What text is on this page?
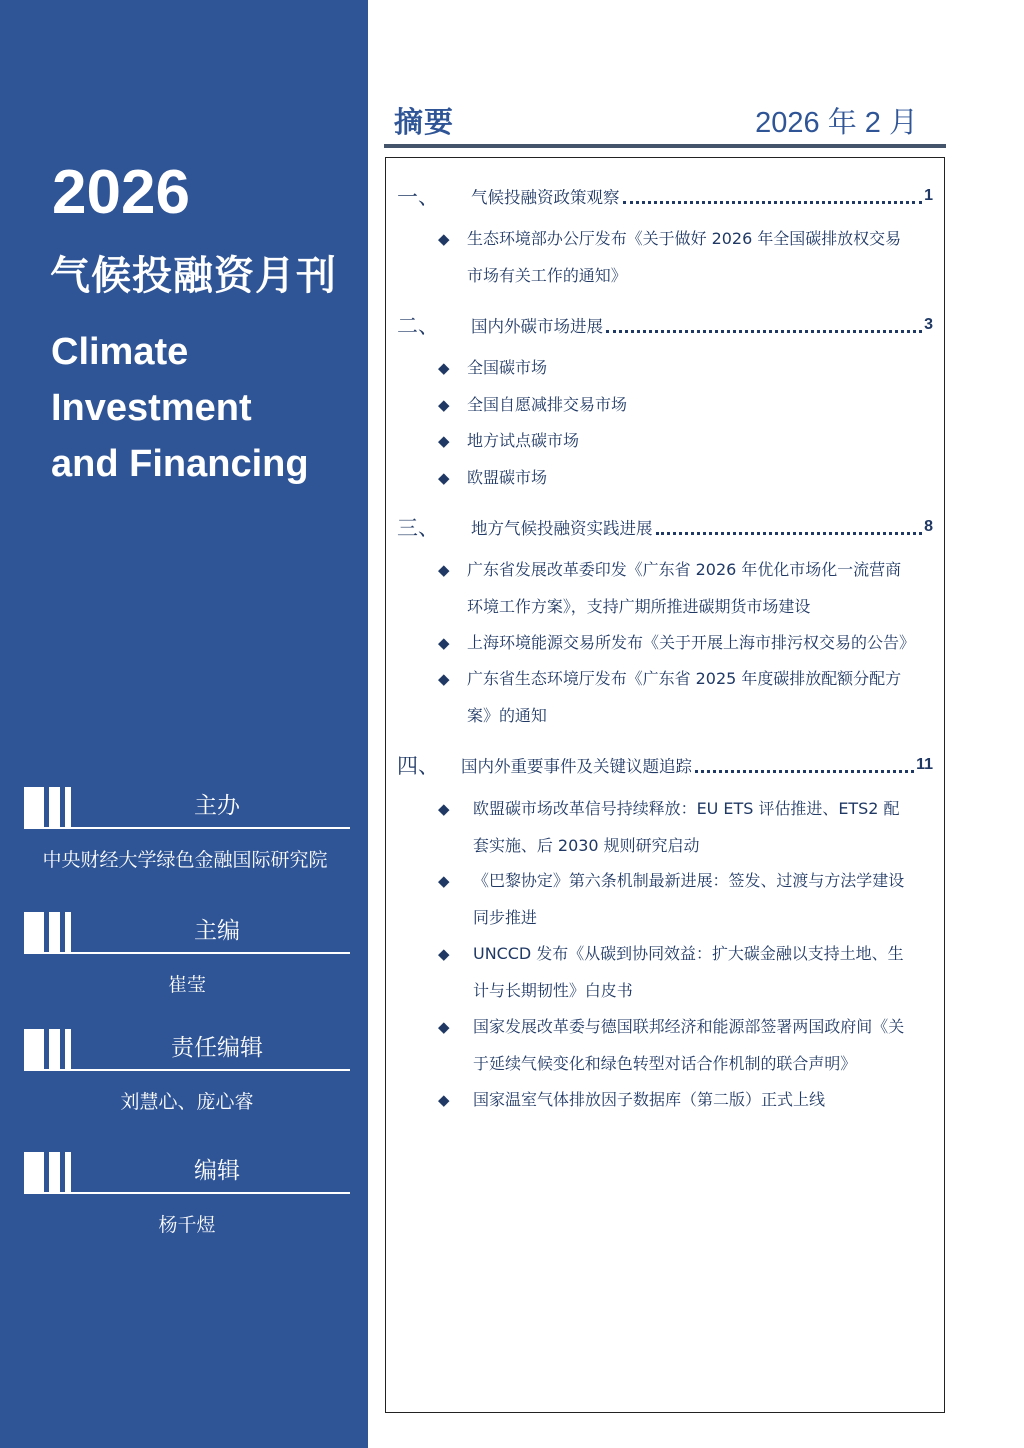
2026
气候投融资月刊
Climate
Investment
and Financing
主办
中央财经大学绿色金融国际研究院
主编
崔莹
责任编辑
刘慧心、庞心睿
编辑
杨千煜
摘要	2026 年 2 月
一、	气候投融资政策观察	1
◆ 生态环境部办公厅发布《关于做好 2026 年全国碳排放权交易
市场有关工作的通知》
二、	国内外碳市场进展	3
◆ 全国碳市场
◆ 全国自愿减排交易市场
◆ 地方试点碳市场
◆ 欧盟碳市场
三、	地方气候投融资实践进展	8
◆ 广东省发展改革委印发《广东省 2026 年优化市场化一流营商
环境工作方案》，支持广期所推进碳期货市场建设
◆ 上海环境能源交易所发布《关于开展上海市排污权交易的公告》
◆ 广东省生态环境厅发布《广东省 2025 年度碳排放配额分配方
案》的通知
四、	国内外重要事件及关键议题追踪	11
◆ 欧盟碳市场改革信号持续释放：EU ETS 评估推进、ETS2 配
套实施、后 2030 规则研究启动
◆ 《巴黎协定》第六条机制最新进展：签发、过渡与方法学建设
同步推进
◆ UNCCD 发布《从碳到协同效益：扩大碳金融以支持土地、生
计与长期韧性》白皮书
◆ 国家发展改革委与德国联邦经济和能源部签署两国政府间《关
于延续气候变化和绿色转型对话合作机制的联合声明》
◆ 国家温室气体排放因子数据库（第二版）正式上线
